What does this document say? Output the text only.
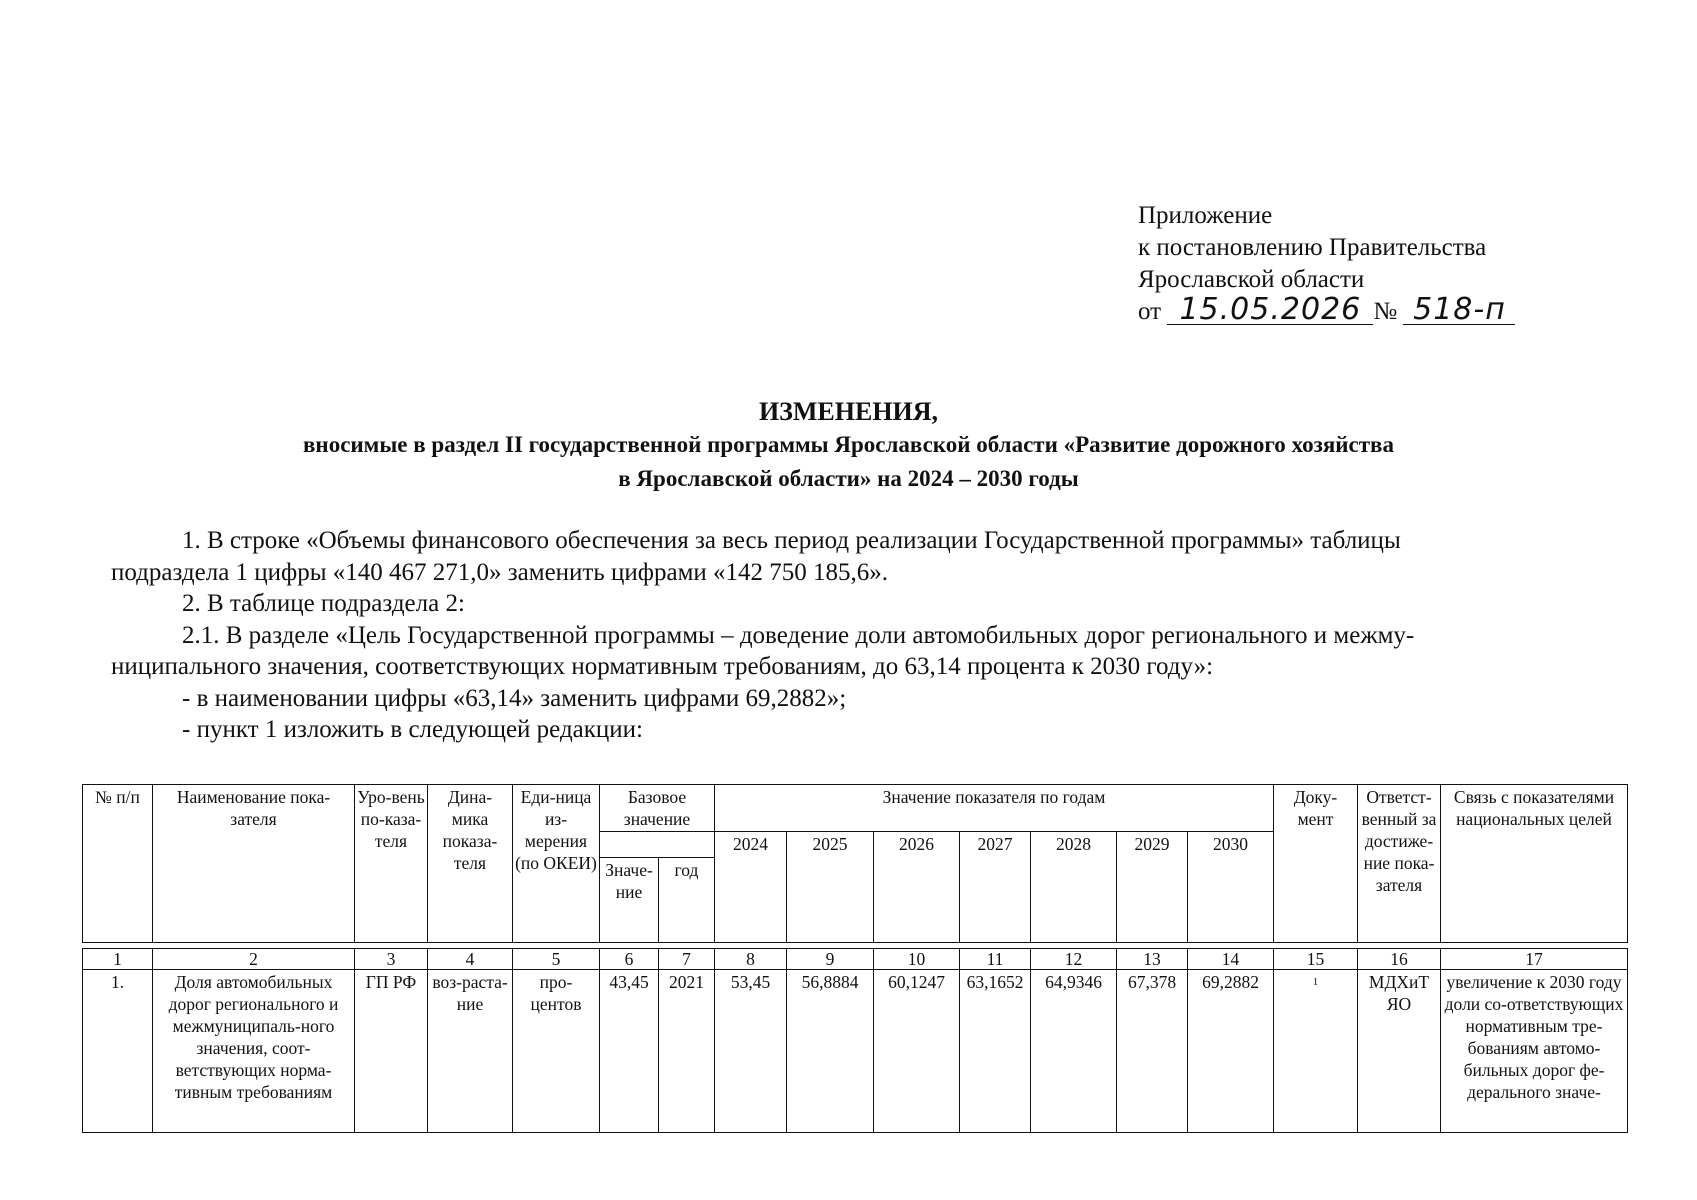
Приложение
к постановлению Правительства
Ярославской области
от 15.05.2026 № 518-п
ИЗМЕНЕНИЯ,
вносимые в раздел II государственной программы Ярославской области «Развитие дорожного хозяйства
в Ярославской области» на 2024 – 2030 годы

1. В строке «Объемы финансового обеспечения за весь период реализации Государственной программы» таблицы

подраздела 1 цифры «140 467 271,0» заменить цифрами «142 750 185,6».

2. В таблице подраздела 2:

2.1. В разделе «Цель Государственной программы – доведение доли автомобильных дорог регионального и межму-

ниципального значения, соответствующих нормативным требованиям, до 63,14 процента к 2030 году»:

- в наименовании цифры «63,14» заменить цифрами 69,2882»;

- пункт 1 изложить в следующей редакции:

№ п/п	Наименование пока-зателя	Уро-вень по-каза-теля	Дина-мика показа-теля	Еди-ница из-мерения (по ОКЕИ)	Базовое значение		Значение показателя по годам							Доку-мент	Ответст-венный за достиже-ние пока-зателя	Связь с показателями национальных целей
							2024	2025	2026	2027	2028	2029	2030			
					Значе-ние	год										

1	2	3	4	5	6	7	8	9	10	11	12	13	14	15	16	17
1.	Доля автомобильных дорог регионального и межмуниципаль-ного значения, соот-ветствующих норма-тивным требованиям	ГП РФ	воз-раста-ние	про-центов	43,45	2021	53,45	56,8884	60,1247	63,1652	64,9346	67,378	69,2882	$^1$	МДХиТ ЯО	увеличение к 2030 году доли со-ответствующих нормативным тре-бованиям автомо-бильных дорог фе-дерального значе-
